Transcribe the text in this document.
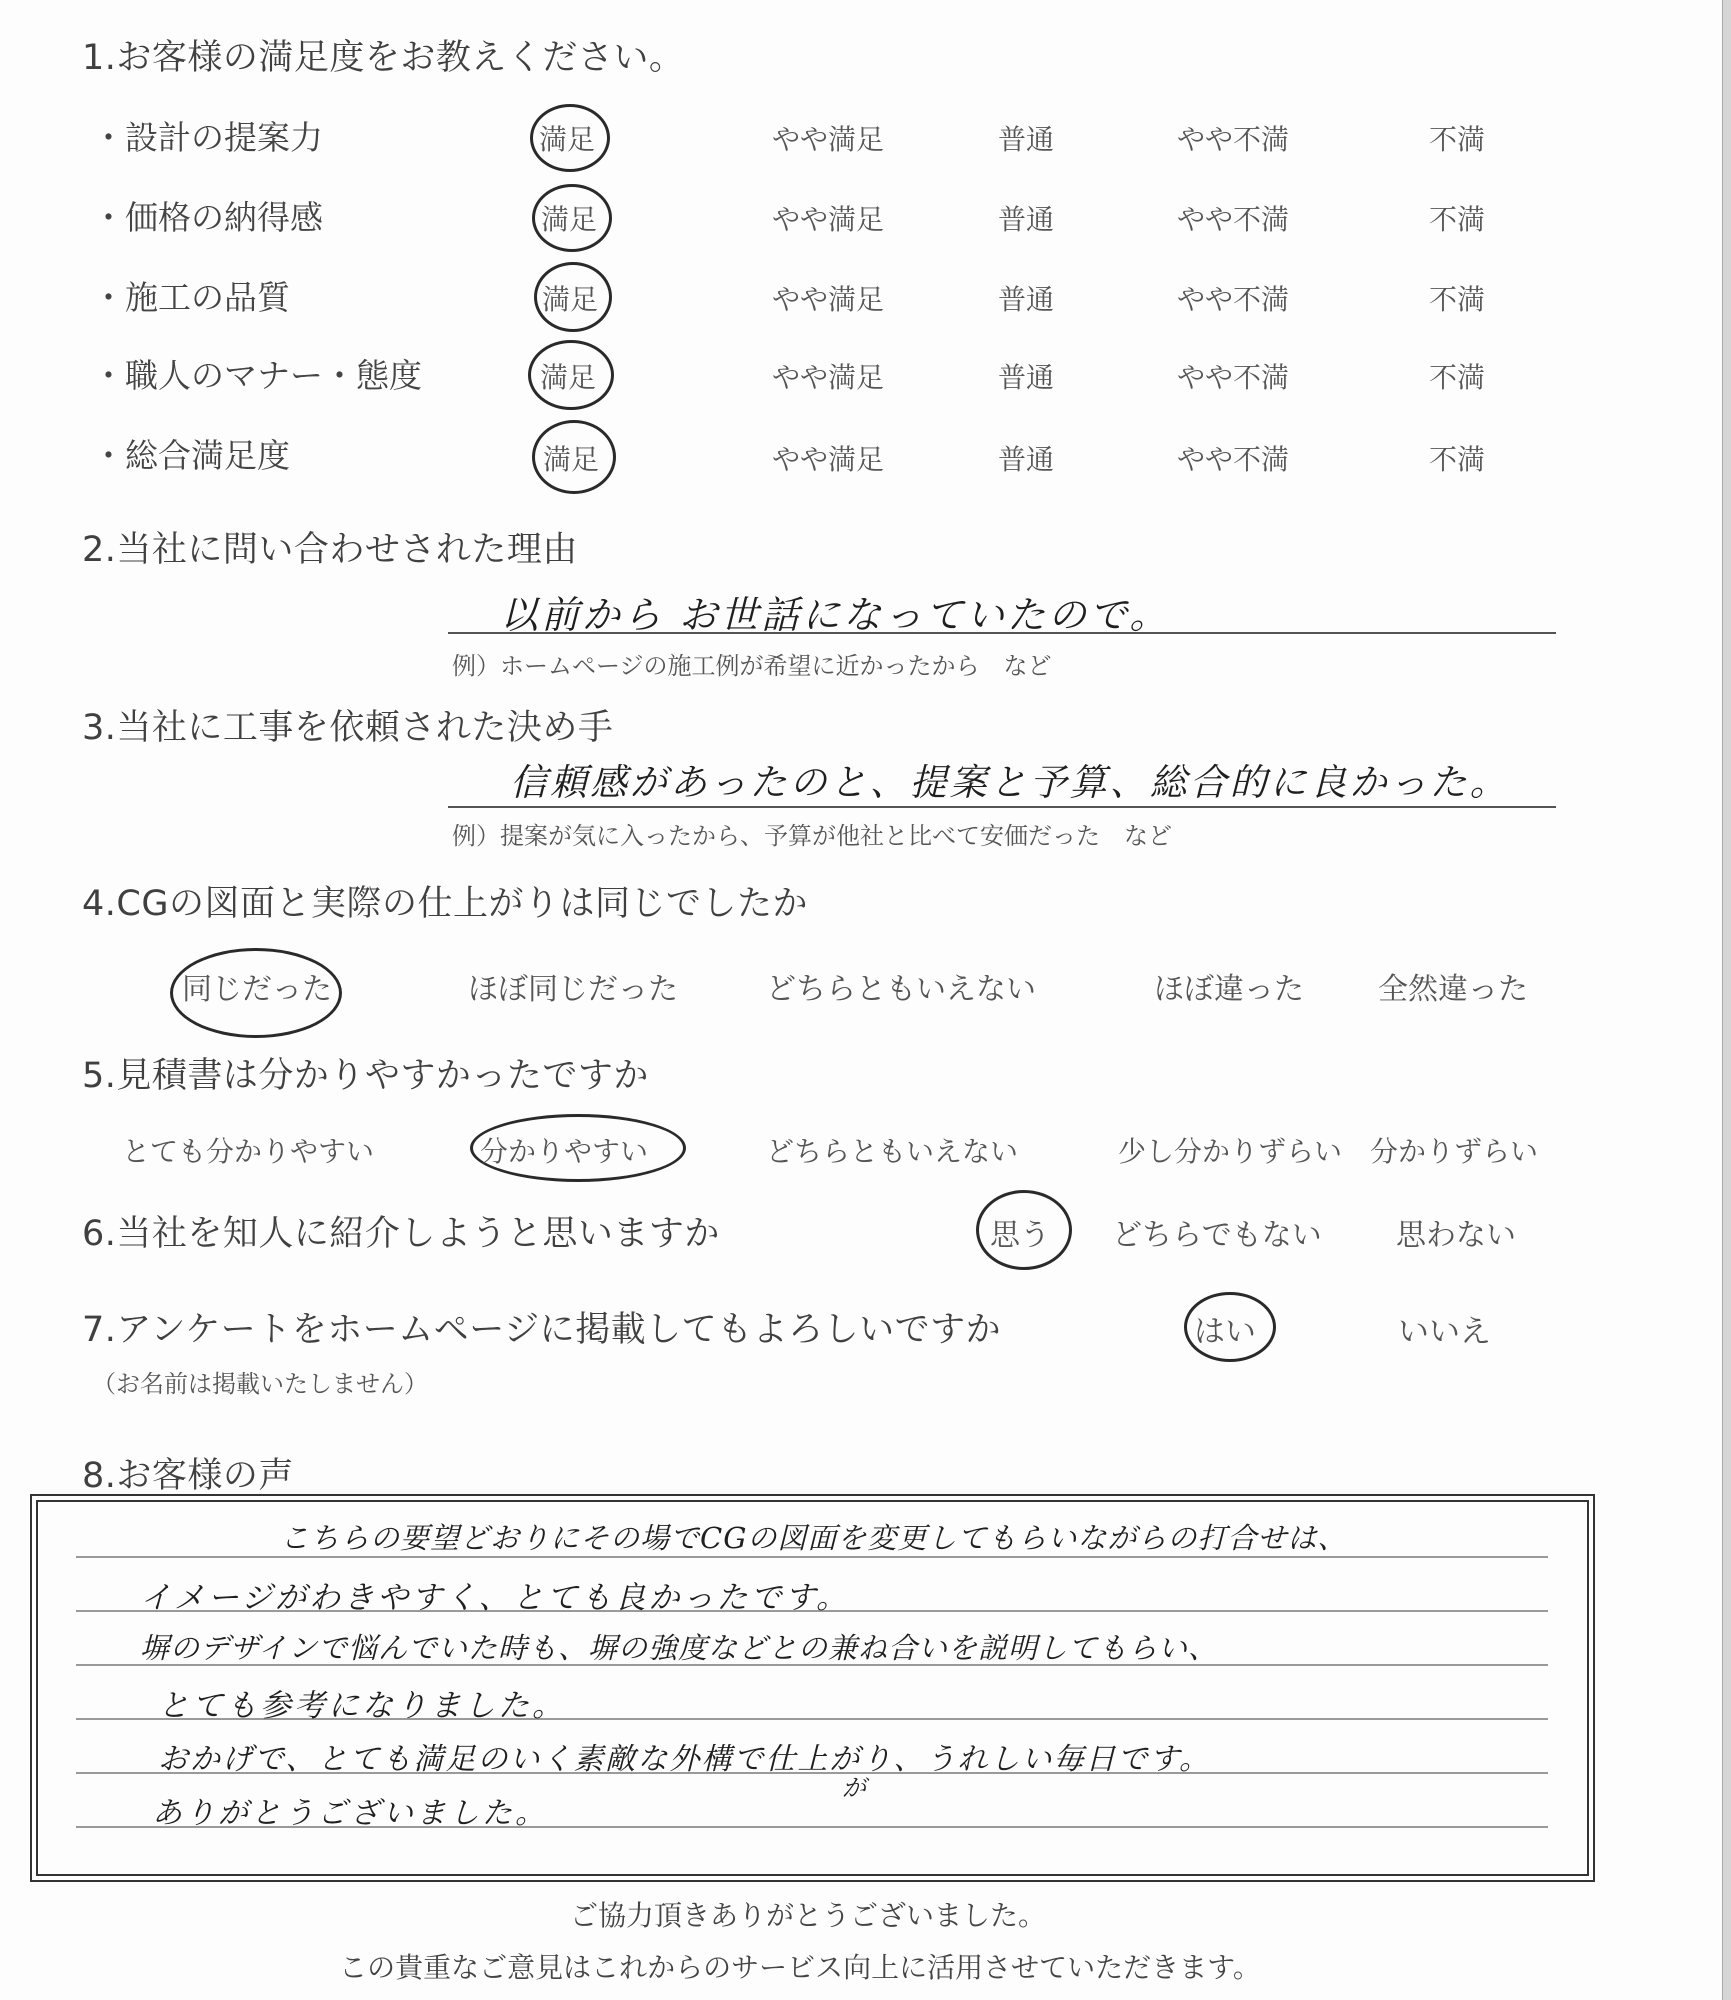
1.お客様の満足度をお教えください。
・設計の提案力	満足	やや満足	普通	やや不満	不満
・価格の納得感	満足	やや満足	普通	やや不満	不満
・施工の品質	満足	やや満足	普通	やや不満	不満
・職人のマナー・態度	満足	やや満足	普通	やや不満	不満
・総合満足度	満足	やや満足	普通	やや不満	不満
2.当社に問い合わせされた理由
以前から お世話になっていたので。
例）ホームページの施工例が希望に近かったから　など
3.当社に工事を依頼された決め手
信頼感があったのと、提案と予算、総合的に良かった。
例）提案が気に入ったから、予算が他社と比べて安価だった　など
4.CGの図面と実際の仕上がりは同じでしたか
同じだった	ほぼ同じだった	どちらともいえない	ほぼ違った 全然違った
5.見積書は分かりやすかったですか
とても分かりやすい	分かりやすい	どちらともいえない	少し分かりずらい 分かりずらい
6.当社を知人に紹介しようと思いますか	思う どちらでもない 思わない
7.アンケートをホームページに掲載してもよろしいですか
（お名前は掲載いたしません）
はい	いいえ
8.お客様の声
こちらの要望どおりにその場でCGの図面を変更してもらいながらの打合せは、
イメージがわきやすく、とても良かったです。
塀のデザインで悩んでいた時も、塀の強度などとの兼ね合いを説明してもらい、
とても参考になりました。
おかげで、とても満足のいく素敵な外構で仕上がり、うれしい毎日です。
が
ありがとうございました。
ご協力頂きありがとうございました。
この貴重なご意見はこれからのサービス向上に活用させていただきます。
